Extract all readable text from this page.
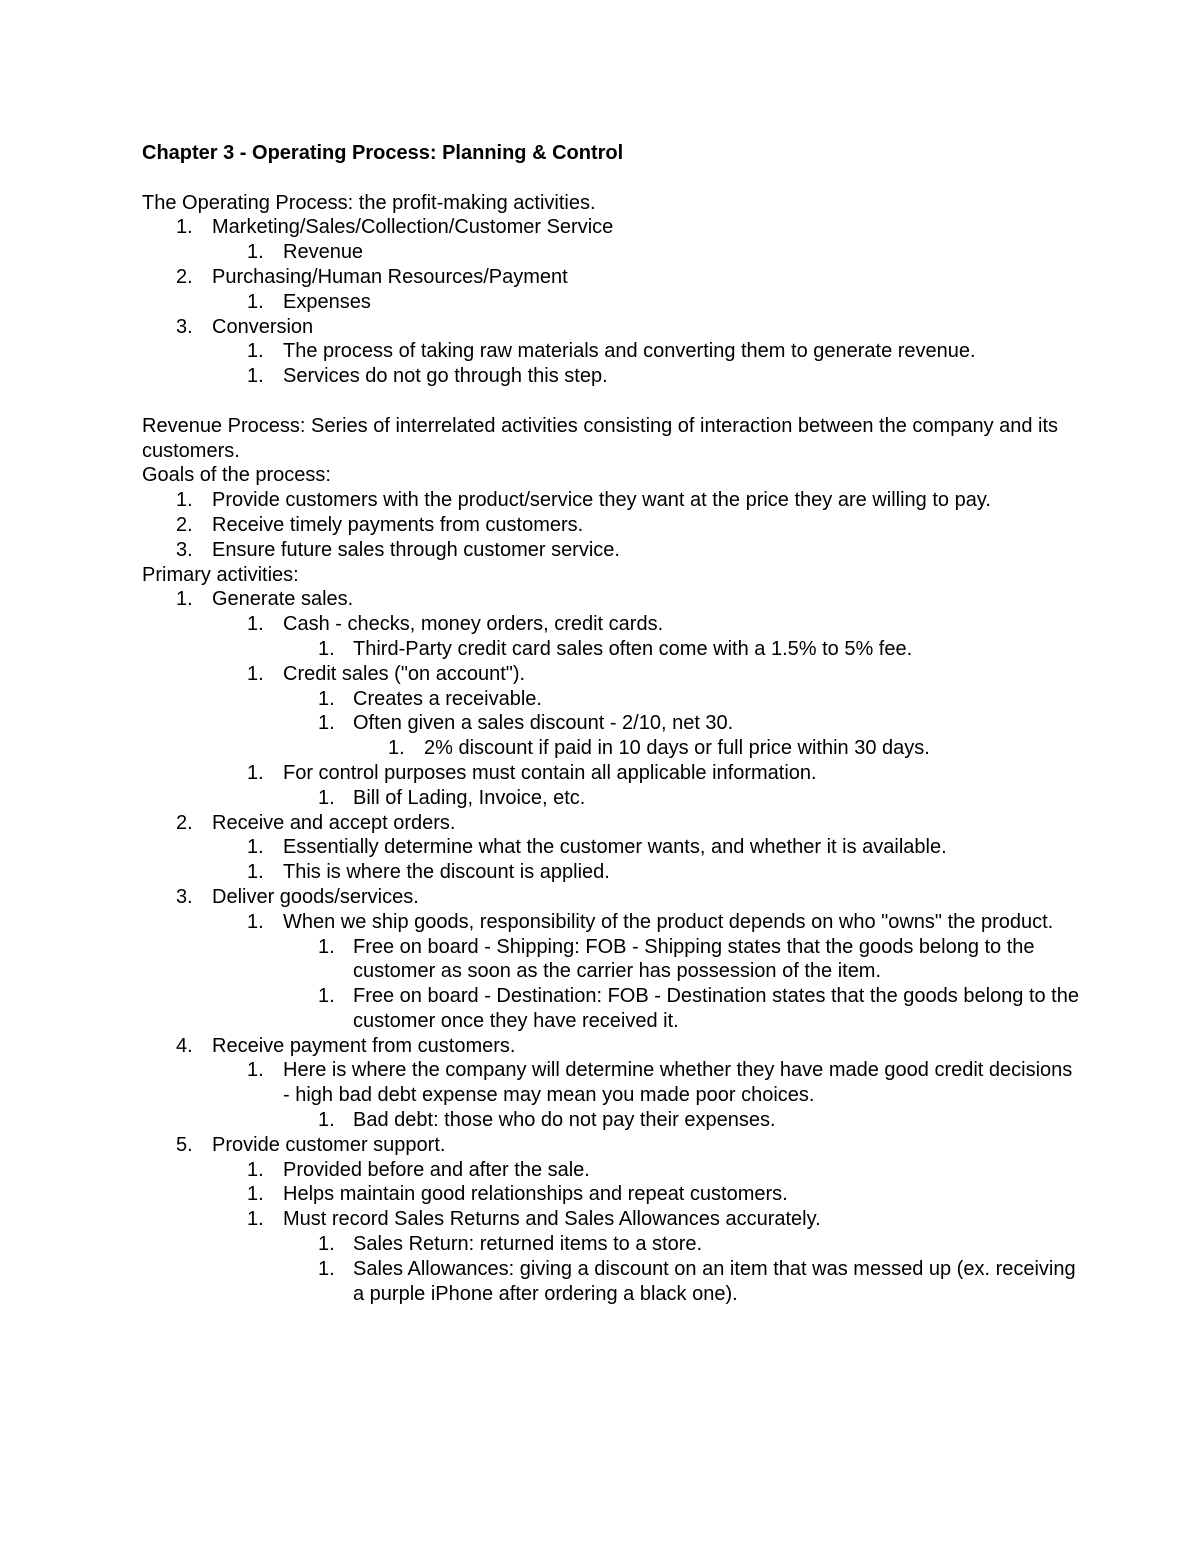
Chapter 3 - Operating Process: Planning & Control
The Operating Process: the profit-making activities.
1. Marketing/Sales/Collection/Customer Service
1. Revenue
2. Purchasing/Human Resources/Payment
1. Expenses
3. Conversion
1. The process of taking raw materials and converting them to generate revenue.
1. Services do not go through this step.
Revenue Process: Series of interrelated activities consisting of interaction between the company and its customers.
Goals of the process:
1. Provide customers with the product/service they want at the price they are willing to pay.
2. Receive timely payments from customers.
3. Ensure future sales through customer service.
Primary activities:
1. Generate sales.
1. Cash - checks, money orders, credit cards.
1. Third-Party credit card sales often come with a 1.5% to 5% fee.
1. Credit sales ("on account").
1. Creates a receivable.
1. Often given a sales discount - 2/10, net 30.
1. 2% discount if paid in 10 days or full price within 30 days.
1. For control purposes must contain all applicable information.
1. Bill of Lading, Invoice, etc.
2. Receive and accept orders.
1. Essentially determine what the customer wants, and whether it is available.
1. This is where the discount is applied.
3. Deliver goods/services.
1. When we ship goods, responsibility of the product depends on who "owns" the product.
1. Free on board - Shipping: FOB - Shipping states that the goods belong to the customer as soon as the carrier has possession of the item.
1. Free on board - Destination: FOB - Destination states that the goods belong to the customer once they have received it.
4. Receive payment from customers.
1. Here is where the company will determine whether they have made good credit decisions - high bad debt expense may mean you made poor choices.
1. Bad debt: those who do not pay their expenses.
5. Provide customer support.
1. Provided before and after the sale.
1. Helps maintain good relationships and repeat customers.
1. Must record Sales Returns and Sales Allowances accurately.
1. Sales Return: returned items to a store.
1. Sales Allowances: giving a discount on an item that was messed up (ex. receiving a purple iPhone after ordering a black one).
